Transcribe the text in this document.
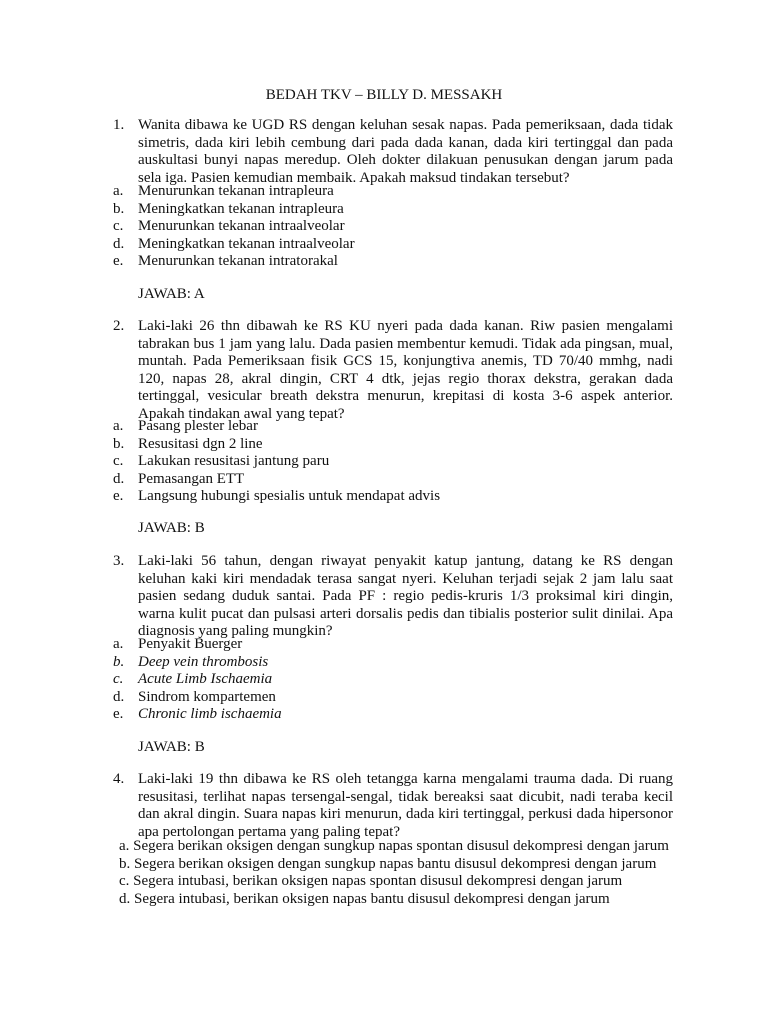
BEDAH TKV – BILLY D. MESSAKH
1. Wanita dibawa ke UGD RS dengan keluhan sesak napas. Pada pemeriksaan, dada tidak simetris, dada kiri lebih cembung dari pada dada kanan, dada kiri tertinggal dan pada auskultasi bunyi napas meredup. Oleh dokter dilakuan penusukan dengan jarum pada sela iga. Pasien kemudian membaik. Apakah maksud tindakan tersebut?
a. Menurunkan tekanan intrapleura
b. Meningkatkan tekanan intrapleura
c. Menurunkan tekanan intraalveolar
d. Meningkatkan tekanan intraalveolar
e. Menurunkan tekanan intratorakal
JAWAB: A
2. Laki-laki 26 thn dibawah ke RS KU nyeri pada dada kanan. Riw pasien mengalami tabrakan bus 1 jam yang lalu. Dada pasien membentur kemudi. Tidak ada pingsan, mual, muntah. Pada Pemeriksaan fisik GCS 15, konjungtiva anemis, TD 70/40 mmhg, nadi 120, napas 28, akral dingin, CRT 4 dtk, jejas regio thorax dekstra, gerakan dada tertinggal, vesicular breath dekstra menurun, krepitasi di kosta 3-6 aspek anterior. Apakah tindakan awal yang tepat?
a. Pasang plester lebar
b. Resusitasi dgn 2 line
c. Lakukan resusitasi jantung paru
d. Pemasangan ETT
e. Langsung hubungi spesialis untuk mendapat advis
JAWAB: B
3. Laki-laki 56 tahun, dengan riwayat penyakit katup jantung, datang ke RS dengan keluhan kaki kiri mendadak terasa sangat nyeri. Keluhan terjadi sejak 2 jam lalu saat pasien sedang duduk santai. Pada PF : regio pedis-kruris 1/3 proksimal kiri dingin, warna kulit pucat dan pulsasi arteri dorsalis pedis dan tibialis posterior sulit dinilai. Apa diagnosis yang paling mungkin?
a. Penyakit Buerger
b. Deep vein thrombosis
c. Acute Limb Ischaemia
d. Sindrom kompartemen
e. Chronic limb ischaemia
JAWAB: B
4. Laki-laki 19 thn dibawa ke RS oleh tetangga karna mengalami trauma dada. Di ruang resusitasi, terlihat napas tersengal-sengal, tidak bereaksi saat dicubit, nadi teraba kecil dan akral dingin. Suara napas kiri menurun, dada kiri tertinggal, perkusi dada hipersonor apa pertolongan pertama yang paling tepat?
a. Segera berikan oksigen dengan sungkup napas spontan disusul dekompresi dengan jarum
b. Segera berikan oksigen dengan sungkup napas bantu disusul dekompresi dengan jarum
c. Segera intubasi, berikan oksigen napas spontan disusul dekompresi dengan jarum
d. Segera intubasi, berikan oksigen napas bantu disusul dekompresi dengan jarum
